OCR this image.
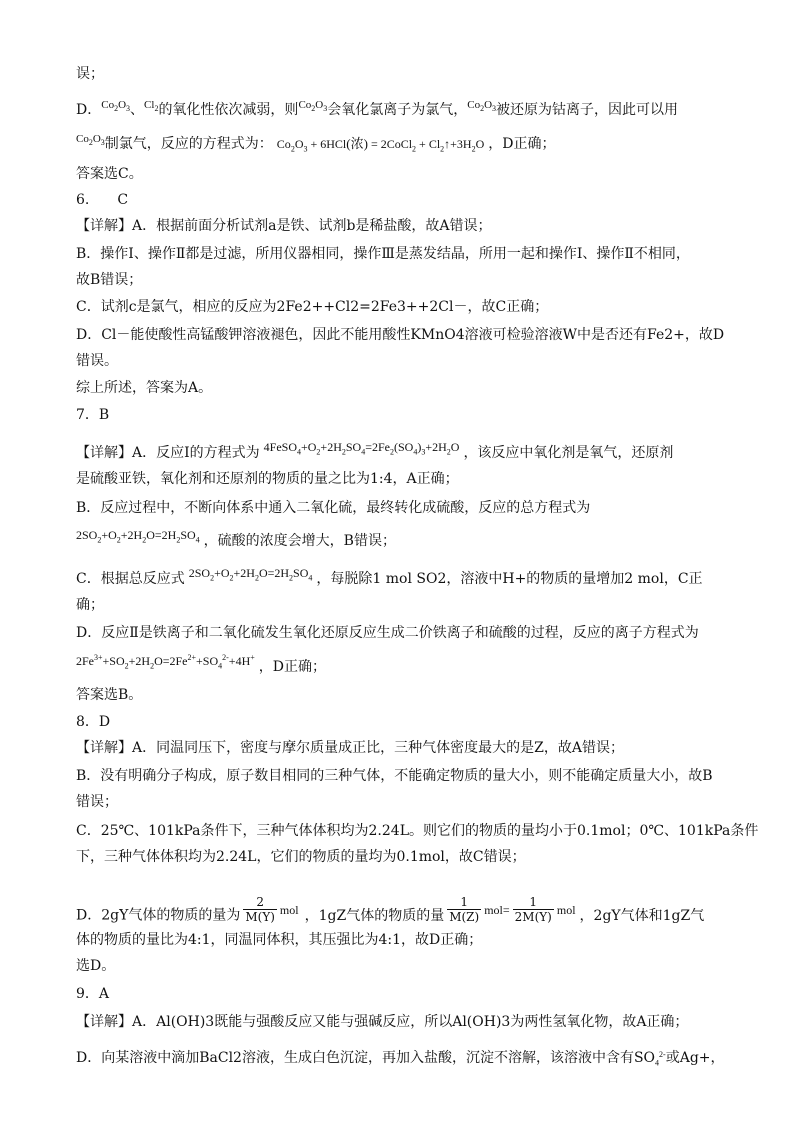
误；
D．$^{Co_2O_3}$、$^{Cl_2}$的氧化性依次减弱，则$^{Co_2O_3}$会氧化氯离子为氯气，$^{Co_2O_3}$被还原为钴离子，因此可以用
$^{Co_2O_3}$制氯气，反应的方程式为： $Co_2O_3 + 6HCl$(浓) = 2CoCl$_2$ + $Cl_2↑+3H_2O$ ，D正确；
答案选C。
6.　　C
【详解】A．根据前面分析试剂a是铁、试剂b是稀盐酸，故A错误；
B．操作Ⅰ、操作Ⅱ都是过滤，所用仪器相同，操作Ⅲ是蒸发结晶，所用一起和操作Ⅰ、操作Ⅱ不相同，
故B错误；
C．试剂c是氯气，相应的反应为2Fe2++Cl2=2Fe3++2Cl－，故C正确；
D．Cl－能使酸性高锰酸钾溶液褪色，因此不能用酸性KMnO4溶液可检验溶液W中是否还有Fe2+，故D
错误。
综上所述，答案为A。
7．B
【详解】A．反应Ⅰ的方程式为 $4FeSO_4+O_2+2H_2SO_4=2Fe_2(SO_4)_3+2H_2O$ ，该反应中氧化剂是氧气，还原剂
是硫酸亚铁，氧化剂和还原剂的物质的量之比为1:4，A正确；
B．反应过程中，不断向体系中通入二氧化硫，最终转化成硫酸，反应的总方程式为
$2SO_2+O_2+2H_2O=2H_2SO_4$ ，硫酸的浓度会增大，B错误；
C．根据总反应式 $2SO_2+O_2+2H_2O=2H_2SO_4$ ，每脱除1 mol SO2，溶液中H+的物质的量增加2 mol，C正
确；
D．反应Ⅱ是铁离子和二氧化硫发生氧化还原反应生成二价铁离子和硫酸的过程，反应的离子方程式为
$2Fe^{3+}+SO_2+2H_2O=2Fe^{2+}+SO_4^{2-}+4H^+$，D正确；
答案选B。
8．D
【详解】A．同温同压下，密度与摩尔质量成正比，三种气体密度最大的是Z，故A错误；
B．没有明确分子构成，原子数目相同的三种气体，不能确定物质的量大小，则不能确定质量大小，故B
错误；
C．25℃、101kPa条件下，三种气体体积均为2.24L。则它们的物质的量均小于0.1mol；0℃、101kPa条件
下，三种气体体积均为2.24L，它们的物质的量均为0.1mol，故C错误；
D．2gY气体的物质的量为 $\frac{2}{M(Y)}$ mol ，1gZ气体的物质的量 $\frac{1}{M(Z)} mol= \frac{1}{2M(Y)}$ mol ，2gY气体和1gZ气
体的物质的量比为4:1，同温同体积，其压强比为4:1，故D正确；
选D。
9．A
【详解】A．Al(OH)3既能与强酸反应又能与强碱反应，所以Al(OH)3为两性氢氧化物，故A正确；
D．向某溶液中滴加BaCl2溶液，生成白色沉淀，再加入盐酸，沉淀不溶解，该溶液中含有$SO_4^{2-}$或Ag+，
